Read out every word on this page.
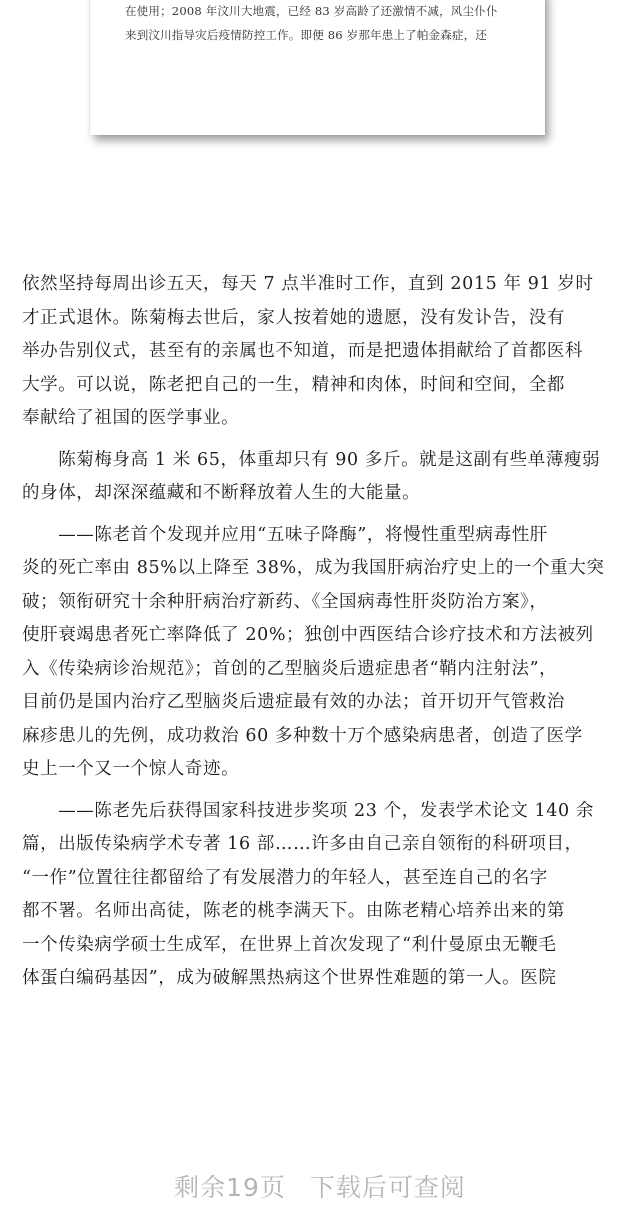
在使用；2008 年汶川大地震，已经 83 岁高龄了还激情不减，风尘仆仆
来到汶川指导灾后疫情防控工作。即便 86 岁那年患上了帕金森症，还
依然坚持每周出诊五天，每天 7 点半准时工作，直到 2015 年 91 岁时
才正式退休。陈菊梅去世后，家人按着她的遗愿，没有发讣告，没有
举办告别仪式，甚至有的亲属也不知道，而是把遗体捐献给了首都医科
大学。可以说，陈老把自己的一生，精神和肉体，时间和空间，全都
奉献给了祖国的医学事业。
　　陈菊梅身高 1 米 65，体重却只有 90 多斤。就是这副有些单薄瘦弱
的身体，却深深蕴藏和不断释放着人生的大能量。
　　——陈老首个发现并应用“五味子降酶”，将慢性重型病毒性肝
炎的死亡率由 85%以上降至 38%，成为我国肝病治疗史上的一个重大突
破；领衔研究十余种肝病治疗新药、《全国病毒性肝炎防治方案》，
使肝衰竭患者死亡率降低了 20%；独创中西医结合诊疗技术和方法被列
入《传染病诊治规范》；首创的乙型脑炎后遗症患者“鞘内注射法”，
目前仍是国内治疗乙型脑炎后遗症最有效的办法；首开切开气管救治
麻疹患儿的先例，成功救治 60 多种数十万个感染病患者，创造了医学
史上一个又一个惊人奇迹。
　　——陈老先后获得国家科技进步奖项 23 个，发表学术论文 140 余
篇，出版传染病学术专著 16 部……许多由自己亲自领衔的科研项目，
“一作”位置往往都留给了有发展潜力的年轻人，甚至连自己的名字
都不署。名师出高徒，陈老的桃李满天下。由陈老精心培养出来的第
一个传染病学硕士生成军，在世界上首次发现了“利什曼原虫无鞭毛
体蛋白编码基因”，成为破解黑热病这个世界性难题的第一人。医院
剩余19页 下载后可查阅
